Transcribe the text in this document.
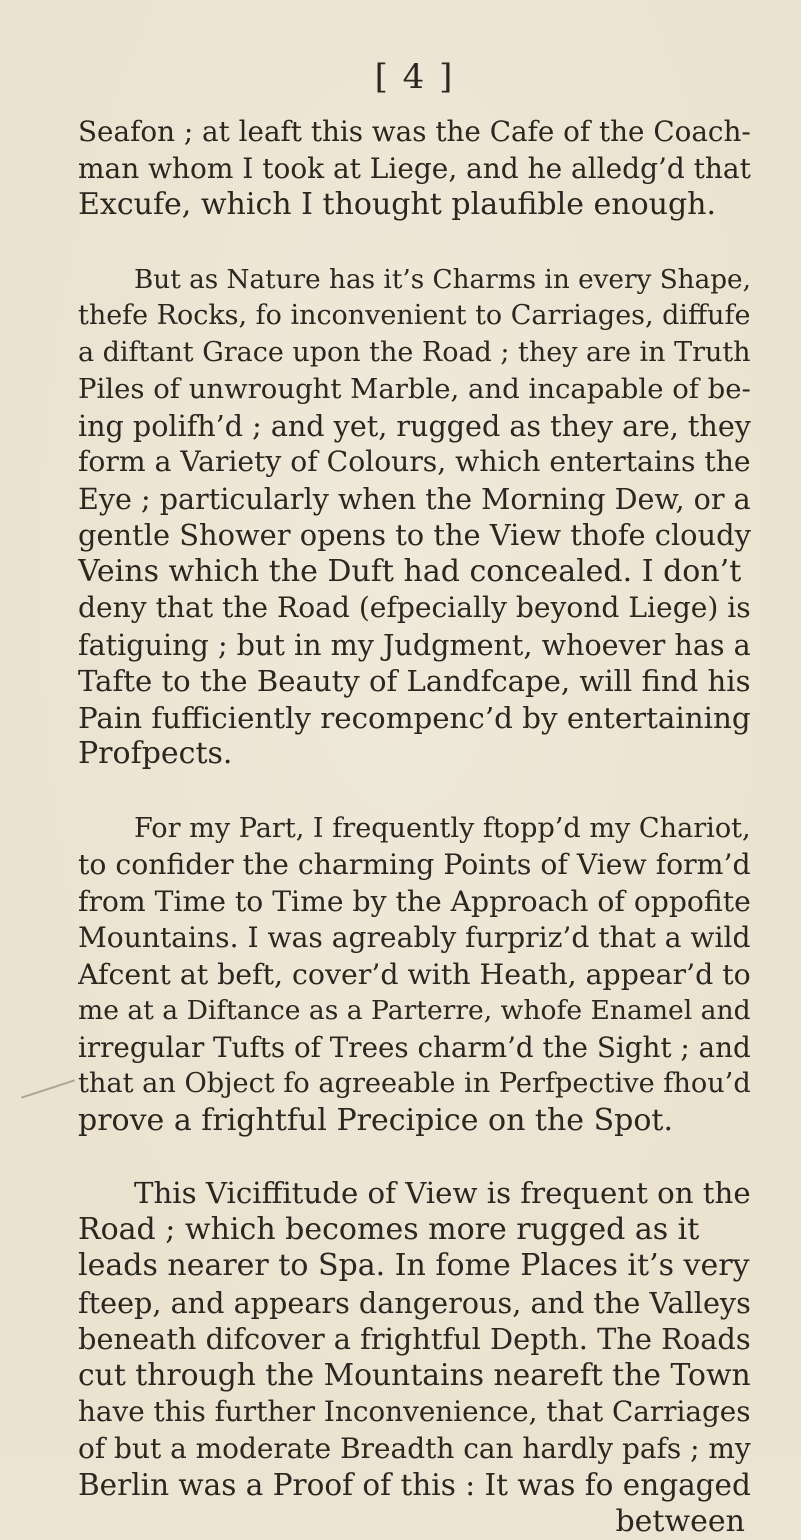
[ 4 ]

Seafon ; at leaft this was the Cafe of the Coach-
man whom I took at Liege, and he alledg’d that
Excufe, which I thought plaufible enough.

But as Nature has it’s Charms in every Shape,
thefe Rocks, fo inconvenient to Carriages, diffufe
a diftant Grace upon the Road ; they are in Truth
Piles of unwrought Marble, and incapable of be-
ing polifh’d ; and yet, rugged as they are, they
form a Variety of Colours, which entertains the
Eye ; particularly when the Morning Dew, or a
gentle Shower opens to the View thofe cloudy
Veins which the Duft had concealed. I don’t
deny that the Road (efpecially beyond Liege) is
fatiguing ; but in my Judgment, whoever has a
Tafte to the Beauty of Landfcape, will find his
Pain fufficiently recompenc’d by entertaining
Profpects.

For my Part, I frequently ftopp’d my Chariot,
to confider the charming Points of View form’d
from Time to Time by the Approach of oppofite
Mountains. I was agreably furpriz’d that a wild
Afcent at beft, cover’d with Heath, appear’d to
me at a Diftance as a Parterre, whofe Enamel and
irregular Tufts of Trees charm’d the Sight ; and
that an Object fo agreeable in Perfpective fhou’d
prove a frightful Precipice on the Spot.

This Viciffitude of View is frequent on the
Road ; which becomes more rugged as it
leads nearer to Spa. In fome Places it’s very
fteep, and appears dangerous, and the Valleys
beneath difcover a frightful Depth. The Roads
cut through the Mountains neareft the Town
have this further Inconvenience, that Carriages
of but a moderate Breadth can hardly pafs ; my
Berlin was a Proof of this : It was fo engaged
between
